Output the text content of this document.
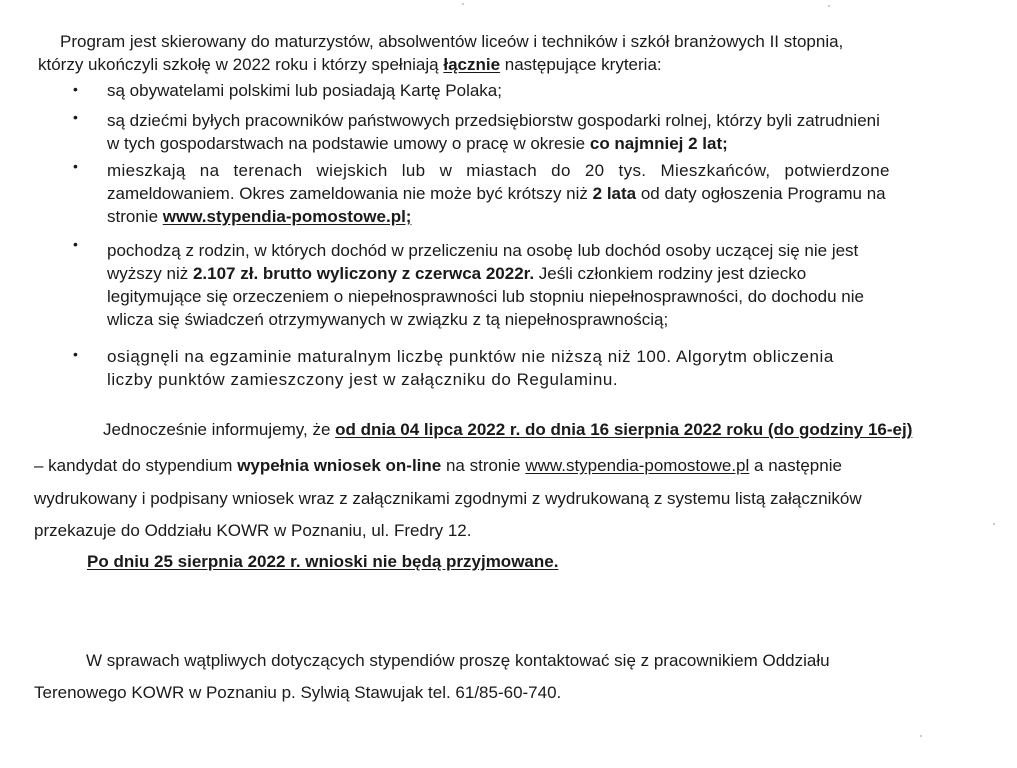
Program jest skierowany do maturzystów, absolwentów liceów i techników i szkół branżowych II stopnia,
którzy ukończyli szkołę w 2022 roku i którzy spełniają łącznie następujące kryteria:
•
•
•
•
•
są obywatelami polskimi lub posiadają Kartę Polaka;
są dziećmi byłych pracowników państwowych przedsiębiorstw gospodarki rolnej, którzy byli zatrudnieni
w tych gospodarstwach na podstawie umowy o pracę w okresie co najmniej 2 lat;
mieszkają na terenach wiejskich lub w miastach do 20 tys. Mieszkańców, potwierdzone
zameldowaniem. Okres zameldowania nie może być krótszy niż 2 lata od daty ogłoszenia Programu na
stronie www.stypendia-pomostowe.pl;
pochodzą z rodzin, w których dochód w przeliczeniu na osobę lub dochód osoby uczącej się nie jest
wyższy niż 2.107 zł. brutto wyliczony z czerwca 2022r. Jeśli członkiem rodziny jest dziecko
legitymujące się orzeczeniem o niepełnosprawności lub stopniu niepełnosprawności, do dochodu nie
wlicza się świadczeń otrzymywanych w związku z tą niepełnosprawnością;
osiągnęli na egzaminie maturalnym liczbę punktów nie niższą niż 100. Algorytm obliczenia
liczby punktów zamieszczony jest w załączniku do Regulaminu.
Jednocześnie informujemy, że od dnia 04 lipca 2022 r. do dnia 16 sierpnia 2022 roku (do godziny 16-ej)
– kandydat do stypendium wypełnia wniosek on-line na stronie www.stypendia-pomostowe.pl a następnie
wydrukowany i podpisany wniosek wraz z załącznikami zgodnymi z wydrukowaną z systemu listą załączników
przekazuje do Oddziału KOWR w Poznaniu, ul. Fredry 12.
Po dniu 25 sierpnia 2022 r. wnioski nie będą przyjmowane.
W sprawach wątpliwych dotyczących stypendiów proszę kontaktować się z pracownikiem Oddziału
Terenowego KOWR w Poznaniu p. Sylwią Stawujak tel. 61/85-60-740.
